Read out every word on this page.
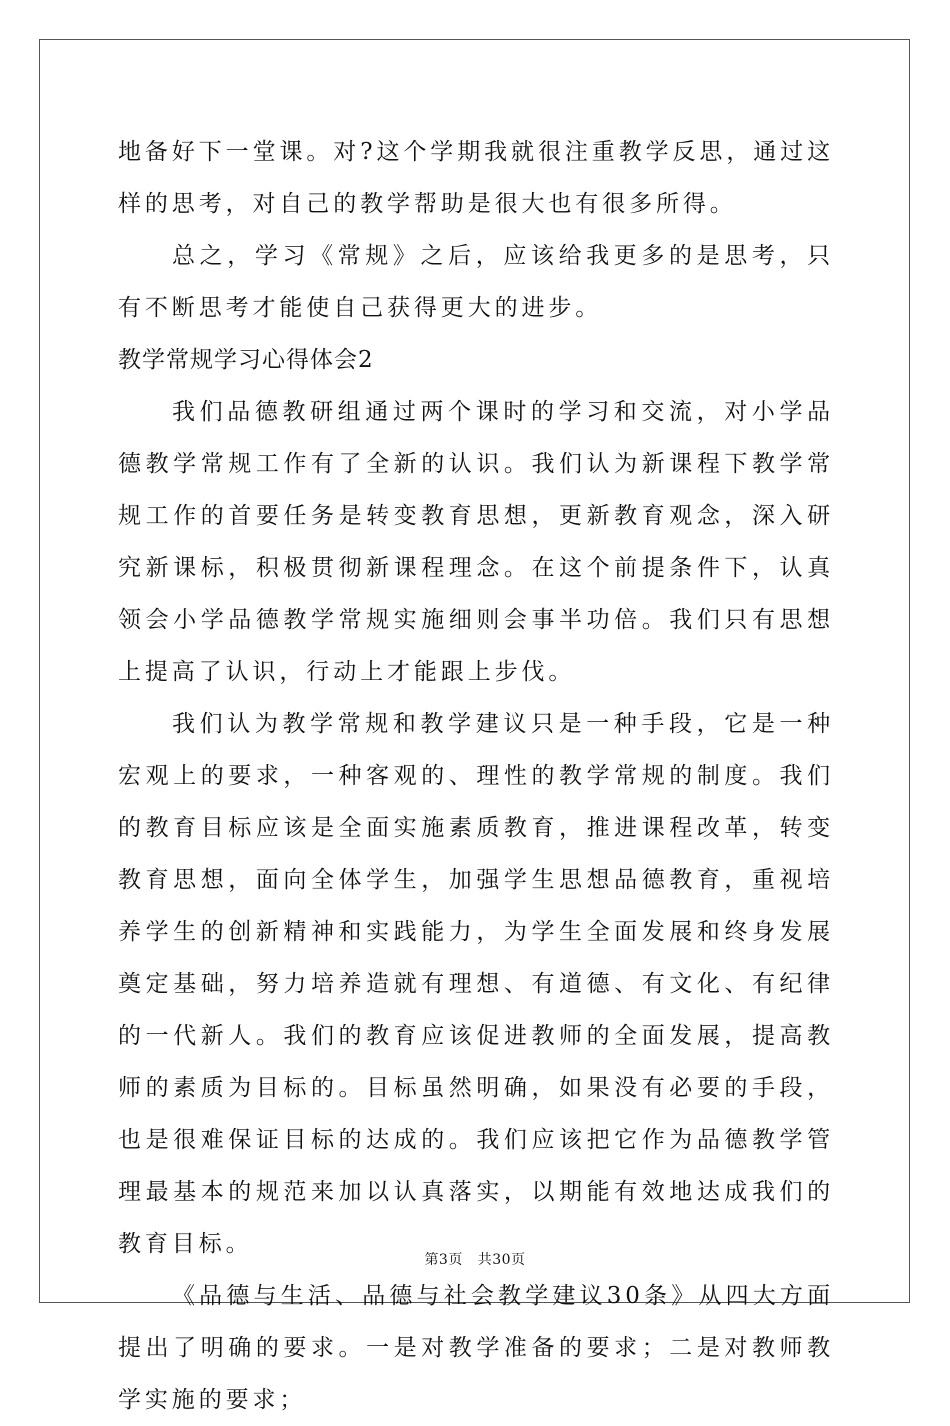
地备好下一堂课。对?这个学期我就很注重教学反思，通过这样的思考，对自己的教学帮助是很大也有很多所得。

总之，学习《常规》之后，应该给我更多的是思考，只有不断思考才能使自己获得更大的进步。

教学常规学习心得体会2

我们品德教研组通过两个课时的学习和交流，对小学品德教学常规工作有了全新的认识。我们认为新课程下教学常规工作的首要任务是转变教育思想，更新教育观念，深入研究新课标，积极贯彻新课程理念。在这个前提条件下，认真领会小学品德教学常规实施细则会事半功倍。我们只有思想上提高了认识，行动上才能跟上步伐。

我们认为教学常规和教学建议只是一种手段，它是一种宏观上的要求，一种客观的、理性的教学常规的制度。我们的教育目标应该是全面实施素质教育，推进课程改革，转变教育思想，面向全体学生，加强学生思想品德教育，重视培养学生的创新精神和实践能力，为学生全面发展和终身发展奠定基础，努力培养造就有理想、有道德、有文化、有纪律的一代新人。我们的教育应该促进教师的全面发展，提高教师的素质为目标的。目标虽然明确，如果没有必要的手段，也是很难保证目标的达成的。我们应该把它作为品德教学管理最基本的规范来加以认真落实，以期能有效地达成我们的教育目标。

《品德与生活、品德与社会教学建议30条》从四大方面提出了明确的要求。一是对教学准备的要求；二是对教师教学实施的要求；

第3页 共30页
